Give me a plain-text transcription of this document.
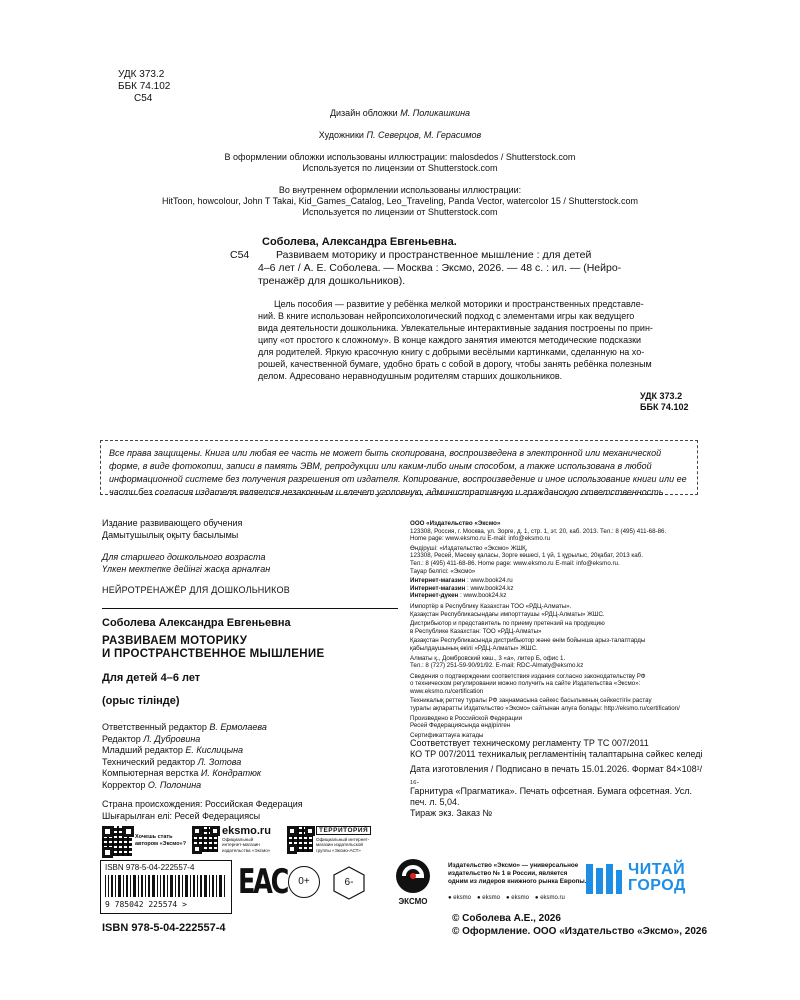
УДК 373.2
ББК 74.102
С54
Дизайн обложки М. Поликашкина
Художники П. Северцов, М. Герасимов
В оформлении обложки использованы иллюстрации: malosdedos / Shutterstock.com
Используется по лицензии от Shutterstock.com
Во внутреннем оформлении использованы иллюстрации:
HitToon, howcolour, John T Takai, Kid_Games_Catalog, Leo_Traveling, Panda Vector, watercolor 15 / Shutterstock.com
Используется по лицензии от Shutterstock.com
Соболева, Александра Евгеньевна.
С54	Развиваем моторику и пространственное мышление : для детей
4–6 лет / А. Е. Соболева. — Москва : Эксмо, 2026. — 48 с. : ил. — (Нейро-
тренажёр для дошкольников).
Цель пособия — развитие у ребёнка мелкой моторики и пространственных представле-
ний. В книге использован нейропсихологический подход с элементами игры как ведущего
вида деятельности дошкольника. Увлекательные интерактивные задания построены по прин-
ципу «от простого к сложному». В конце каждого занятия имеются методические подсказки
для родителей. Яркую красочную книгу с добрыми весёлыми картинками, сделанную на хо-
рошей, качественной бумаге, удобно брать с собой в дорогу, чтобы занять ребёнка полезным
делом. Адресовано неравнодушным родителям старших дошкольников.
УДК 373.2
ББК 74.102
Все права защищены. Книга или любая ее часть не может быть скопирована, воспроизведена в электронной или механической форме, в виде фотокопии, записи в память ЭВМ, репродукции или каким-либо иным способом, а также использована в любой информационной системе без получения разрешения от издателя. Копирование, воспроизведение и иное использование книги или ее части без согласия издателя является незаконным и влечет уголовную, административную и гражданскую ответственность
Издание развивающего обучения
Дамытушылық оқыту басылымы
Для старшего дошкольного возраста
Үлкен мектепке дейінгі жасқа арналған
НЕЙРОТРЕНАЖЁР ДЛЯ ДОШКОЛЬНИКОВ
Соболева Александра Евгеньевна
РАЗВИВАЕМ МОТОРИКУ
И ПРОСТРАНСТВЕННОЕ МЫШЛЕНИЕ
Для детей 4–6 лет
(орыс тілінде)
Ответственный редактор В. Ермолаева
Редактор Л. Дубровина
Младший редактор Е. Кислицына
Технический редактор Л. Зотова
Компьютерная верстка И. Кондратюк
Корректор О. Полонина
Страна происхождения: Российская Федерация
Шығарылған елі: Ресей Федерациясы
Хочешь стать
автором «Эксмо»?
eksmo.ru
Официальный
интернет-магазин
издательства «Эксмо»
ТЕРРИТОРИЯ
Официальный интернет-
магазин издательской
группы «Эксмо-АСТ»
ISBN 978-5-04-222557-4
9 785042 225574 >
ISBN 978-5-04-222557-4
EAC	0+	6-
ООО «Издательство «Эксмо»
123308, Россия, г. Москва, ул. Зорге, д. 1, стр. 1, эт. 20, каб. 2013. Тел.: 8 (495) 411-68-86.
Home page: www.eksmo.ru E-mail: info@eksmo.ru
Өндіруші: «Издательство «Эксмо» ЖШҚ,
123308, Ресей, Мәскеу қаласы, Зорге көшесі, 1 үй, 1 құрылыс, 20қабат, 2013 каб.
Тел.: 8 (495) 411-68-86. Home page: www.eksmo.ru E-mail: info@eksmo.ru.
Тауар белгісі: «Эксмо»
Интернет-магазин : www.book24.ru
Интернет-магазин : www.book24.kz
Интернет-дүкен : www.book24.kz
Импортёр в Республику Казахстан ТОО «РДЦ-Алматы».
Қазақстан Республикасындағы импорттаушы «РДЦ-Алматы» ЖШС.
Дистрибьютор и представитель по приему претензий на продукцию
в Республике Казахстан: ТОО «РДЦ-Алматы»
Қазақстан Республикасында дистрибьютор және өнім бойынша арыз-талаптарды
қабылдаушының өкілі «РДЦ-Алматы» ЖШС.
Алматы қ., Домбровский көш., 3 «а», литер Б, офис 1.
Тел.: 8 (727) 251-59-90/91/92. E-mail: RDC-Almaty@eksmo.kz
Сведения о подтверждении соответствия издания согласно законодательству РФ
о техническом регулировании можно получить на сайте Издательства «Эксмо»:
www.eksmo.ru/certification
Техникалық реттеу туралы РФ заңнамасына сәйкес басылымның сәйкестігін растау
туралы ақпаратты Издательство «Эксмо» сайтынан алуға болады: http://eksmo.ru/certification/
Произведено в Российской Федерации
Ресей Федерациясында өндірілген
Сертификаттауға жатады
Соответствует техническому регламенту ТР ТС 007/2011
КО ТР 007/2011 техникалық регламентінің талаптарына сәйкес келеді
Дата изготовления / Подписано в печать 15.01.2026. Формат 84×108¹/₁₆.
Гарнитура «Прагматика». Печать офсетная. Бумага офсетная. Усл. печ. л. 5,04.
Тираж экз. Заказ №
ЭКСМО
Издательство «Эксмо» — универсальное
издательство № 1 в России, является
одним из лидеров книжного рынка Европы.
● eksmo ● eksmo ● eksmo ● eksmo.ru
ЧИТАЙ
ГОРОД
© Соболева А.Е., 2026
© Оформление. ООО «Издательство «Эксмо», 2026
